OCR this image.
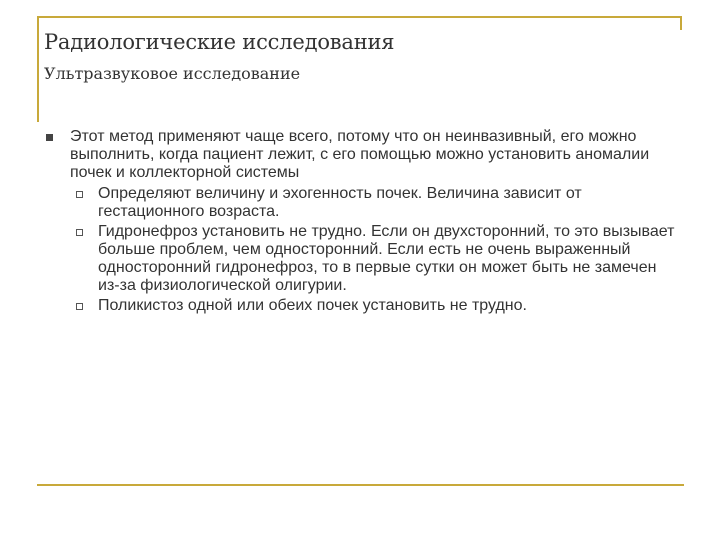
Радиологические исследования
Ультразвуковое исследование
Этот метод применяют чаще всего, потому что он неинвазивный, его можно выполнить, когда пациент лежит, с его помощью можно установить аномалии почек и коллекторной системы
Определяют величину и эхогенность почек. Величина зависит от гестационного возраста.
Гидронефроз установить не трудно. Если он двухсторонний, то это вызывает больше проблем, чем односторонний. Если есть не очень выраженный односторонний гидронефроз, то в первые сутки он может быть не замечен из-за физиологической олигурии.
Поликистоз одной или обеих почек установить не трудно.
